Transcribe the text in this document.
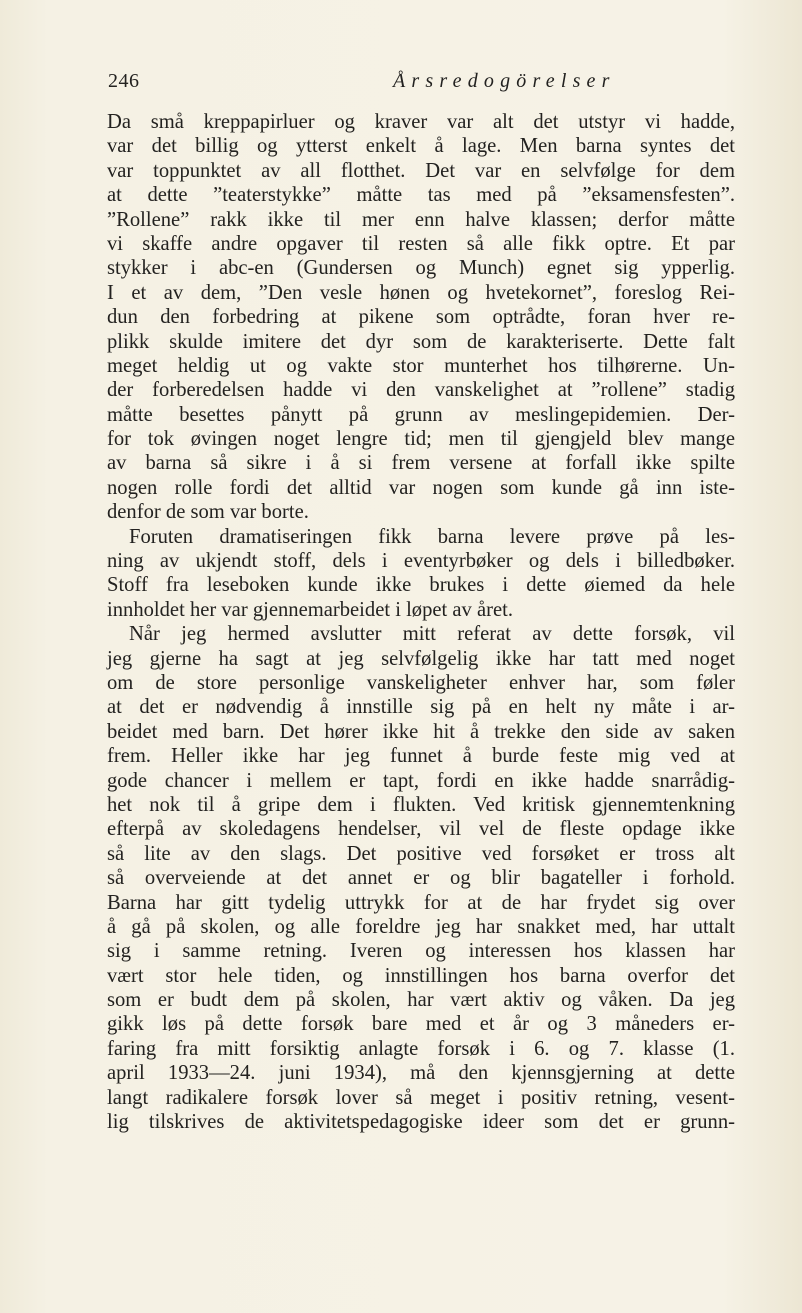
246	Årsredogörelser
Da små kreppapirluer og kraver var alt det utstyr vi hadde,
var det billig og ytterst enkelt å lage. Men barna syntes det
var toppunktet av all flotthet. Det var en selvfølge for dem
at dette ”teaterstykke” måtte tas med på ”eksamensfesten”.
”Rollene” rakk ikke til mer enn halve klassen; derfor måtte
vi skaffe andre opgaver til resten så alle fikk optre. Et par
stykker i abc-en (Gundersen og Munch) egnet sig ypperlig.
I et av dem, ”Den vesle hønen og hvetekornet”, foreslog Rei-
dun den forbedring at pikene som optrådte, foran hver re-
plikk skulde imitere det dyr som de karakteriserte. Dette falt
meget heldig ut og vakte stor munterhet hos tilhørerne. Un-
der forberedelsen hadde vi den vanskelighet at ”rollene” stadig
måtte besettes pånytt på grunn av meslingepidemien. Der-
for tok øvingen noget lengre tid; men til gjengjeld blev mange
av barna så sikre i å si frem versene at forfall ikke spilte
nogen rolle fordi det alltid var nogen som kunde gå inn iste-
denfor de som var borte.
Foruten dramatiseringen fikk barna levere prøve på les-
ning av ukjendt stoff, dels i eventyrbøker og dels i billedbøker.
Stoff fra leseboken kunde ikke brukes i dette øiemed da hele
innholdet her var gjennemarbeidet i løpet av året.
Når jeg hermed avslutter mitt referat av dette forsøk, vil
jeg gjerne ha sagt at jeg selvfølgelig ikke har tatt med noget
om de store personlige vanskeligheter enhver har, som føler
at det er nødvendig å innstille sig på en helt ny måte i ar-
beidet med barn. Det hører ikke hit å trekke den side av saken
frem. Heller ikke har jeg funnet å burde feste mig ved at
gode chancer i mellem er tapt, fordi en ikke hadde snarrådig-
het nok til å gripe dem i flukten. Ved kritisk gjennemtenkning
efterpå av skoledagens hendelser, vil vel de fleste opdage ikke
så lite av den slags. Det positive ved forsøket er tross alt
så overveiende at det annet er og blir bagateller i forhold.
Barna har gitt tydelig uttrykk for at de har frydet sig over
å gå på skolen, og alle foreldre jeg har snakket med, har uttalt
sig i samme retning. Iveren og interessen hos klassen har
vært stor hele tiden, og innstillingen hos barna overfor det
som er budt dem på skolen, har vært aktiv og våken. Da jeg
gikk løs på dette forsøk bare med et år og 3 måneders er-
faring fra mitt forsiktig anlagte forsøk i 6. og 7. klasse (1.
april 1933—24. juni 1934), må den kjennsgjerning at dette
langt radikalere forsøk lover så meget i positiv retning, vesent-
lig tilskrives de aktivitetspedagogiske ideer som det er grunn-
